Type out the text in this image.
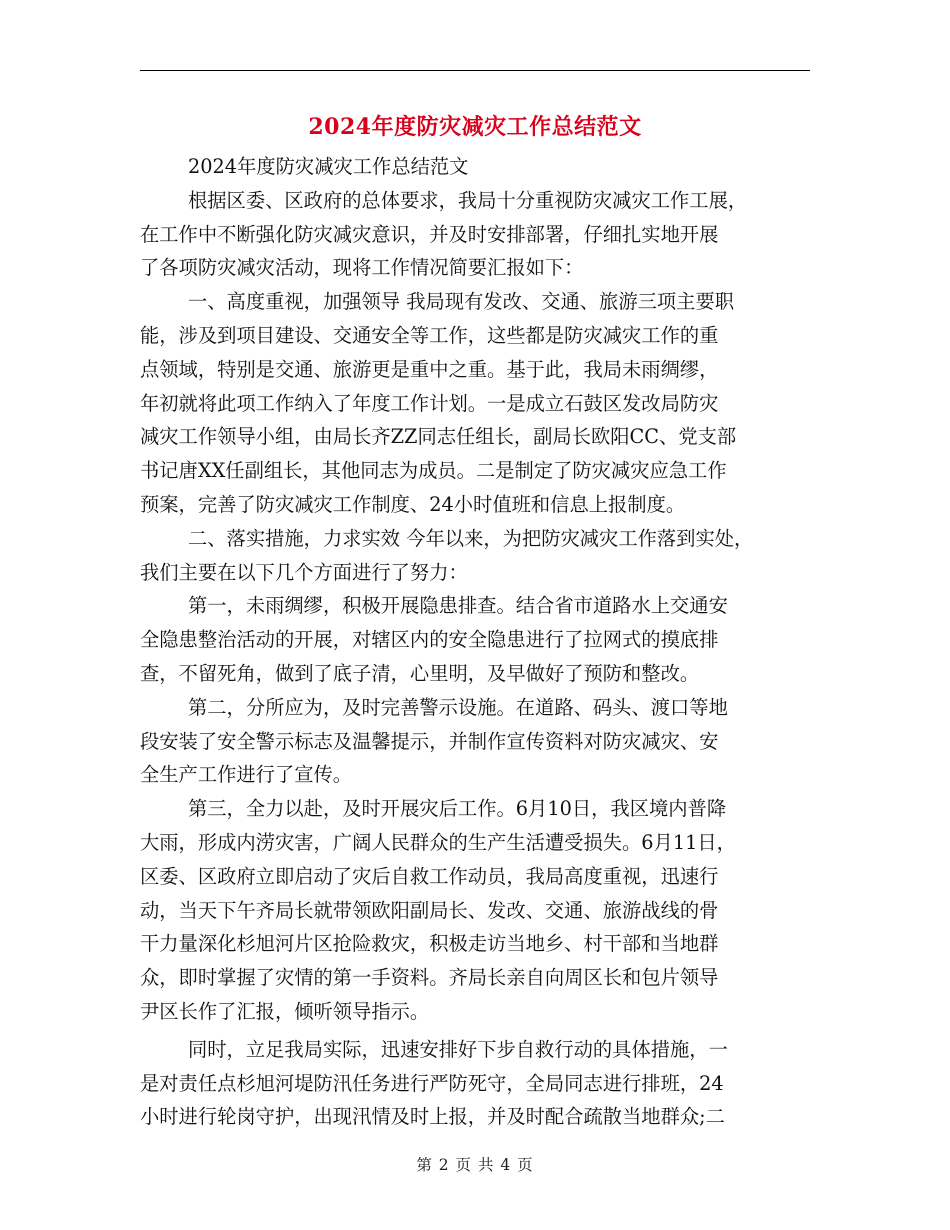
2024年度防灾减灾工作总结范文
2024年度防灾减灾工作总结范文
根据区委、区政府的总体要求，我局十分重视防灾减灾工作工展，
在工作中不断强化防灾减灾意识，并及时安排部署，仔细扎实地开展
了各项防灾减灾活动，现将工作情况简要汇报如下：
一、高度重视，加强领导 我局现有发改、交通、旅游三项主要职
能，涉及到项目建设、交通安全等工作，这些都是防灾减灾工作的重
点领域，特别是交通、旅游更是重中之重。基于此，我局未雨绸缪，
年初就将此项工作纳入了年度工作计划。一是成立石鼓区发改局防灾
减灾工作领导小组，由局长齐ZZ同志任组长，副局长欧阳CC、党支部
书记唐XX任副组长，其他同志为成员。二是制定了防灾减灾应急工作
预案，完善了防灾减灾工作制度、24小时值班和信息上报制度。
二、落实措施，力求实效 今年以来，为把防灾减灾工作落到实处，
我们主要在以下几个方面进行了努力：
第一，未雨绸缪，积极开展隐患排查。结合省市道路水上交通安
全隐患整治活动的开展，对辖区内的安全隐患进行了拉网式的摸底排
查，不留死角，做到了底子清，心里明，及早做好了预防和整改。
第二，分所应为，及时完善警示设施。在道路、码头、渡口等地
段安装了安全警示标志及温馨提示，并制作宣传资料对防灾减灾、安
全生产工作进行了宣传。
第三，全力以赴，及时开展灾后工作。6月10日，我区境内普降
大雨，形成内涝灾害，广阔人民群众的生产生活遭受损失。6月11日，
区委、区政府立即启动了灾后自救工作动员，我局高度重视，迅速行
动，当天下午齐局长就带领欧阳副局长、发改、交通、旅游战线的骨
干力量深化杉旭河片区抢险救灾，积极走访当地乡、村干部和当地群
众，即时掌握了灾情的第一手资料。齐局长亲自向周区长和包片领导
尹区长作了汇报，倾听领导指示。
同时，立足我局实际，迅速安排好下步自救行动的具体措施，一
是对责任点杉旭河堤防汛任务进行严防死守，全局同志进行排班，24
小时进行轮岗守护，出现汛情及时上报，并及时配合疏散当地群众;二
第 2 页 共 4 页
